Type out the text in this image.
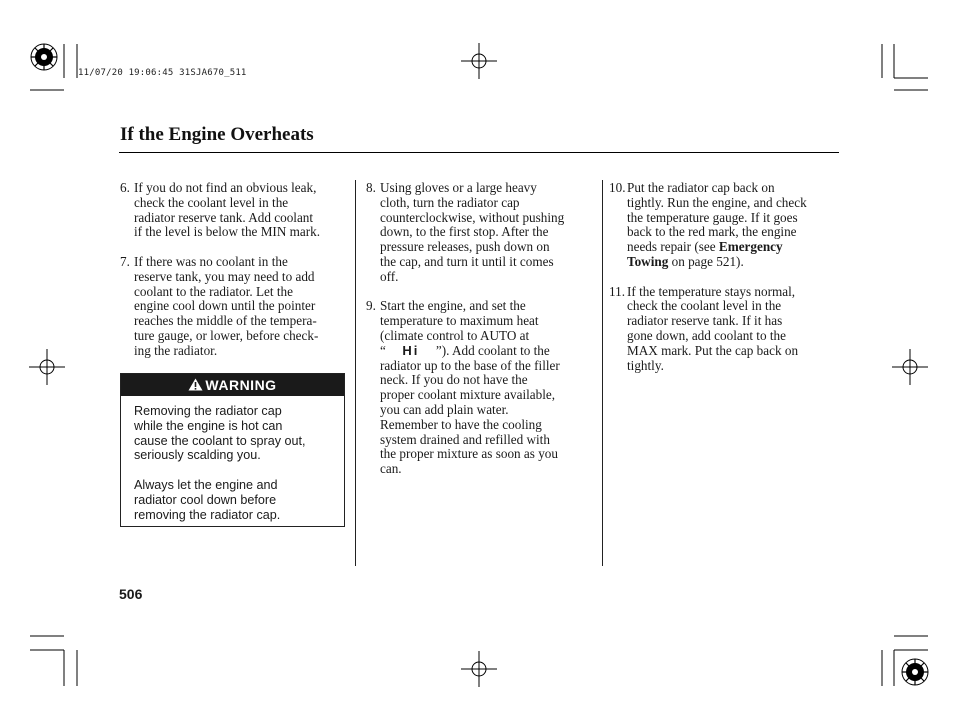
11/07/20 19:06:45 31SJA670_511
If the Engine Overheats
6. If you do not find an obvious leak,
check the coolant level in the
radiator reserve tank. Add coolant
if the level is below the MIN mark.
7. If there was no coolant in the
reserve tank, you may need to add
coolant to the radiator. Let the
engine cool down until the pointer
reaches the middle of the tempera-
ture gauge, or lower, before check-
ing the radiator.
WARNING

Removing the radiator cap
while the engine is hot can
cause the coolant to spray out,
seriously scalding you.

Always let the engine and
radiator cool down before
removing the radiator cap.

8. Using gloves or a large heavy
cloth, turn the radiator cap
counterclockwise, without pushing
down, to the first stop. After the
pressure releases, push down on
the cap, and turn it until it comes
off.
9. Start the engine, and set the
temperature to maximum heat
(climate control to AUTO at
“ Hi ”). Add coolant to the
radiator up to the base of the filler
neck. If you do not have the
proper coolant mixture available,
you can add plain water.
Remember to have the cooling
system drained and refilled with
the proper mixture as soon as you
can.
10. Put the radiator cap back on
tightly. Run the engine, and check
the temperature gauge. If it goes
back to the red mark, the engine
needs repair (see Emergency
Towing on page 521).
11. If the temperature stays normal,
check the coolant level in the
radiator reserve tank. If it has
gone down, add coolant to the
MAX mark. Put the cap back on
tightly.
506
